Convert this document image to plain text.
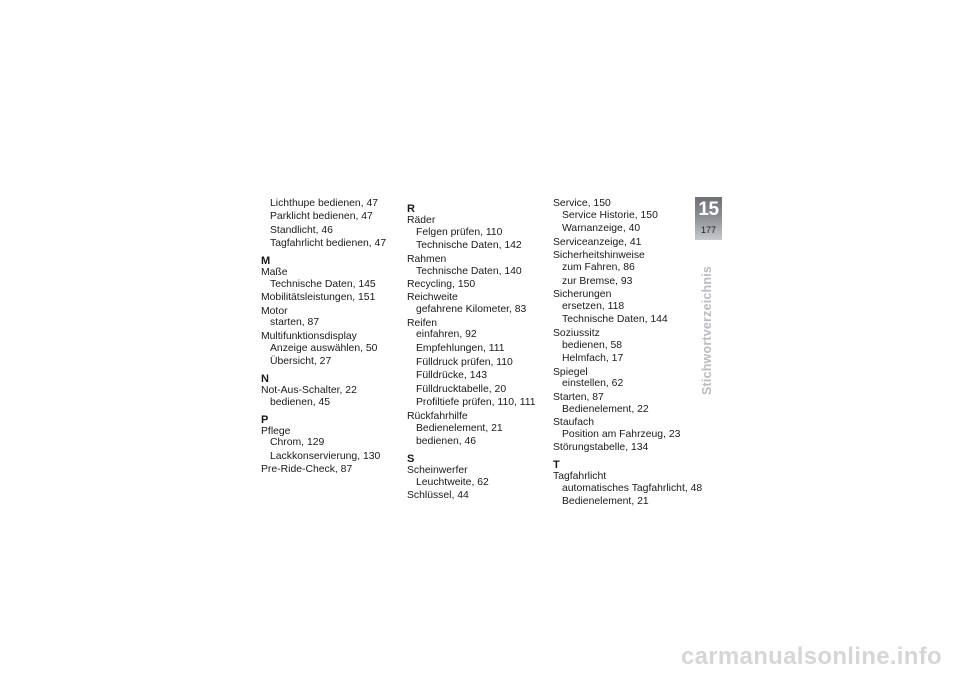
Lichthupe bedienen, 47
Parklicht bedienen, 47
Standlicht, 46
Tagfahrlicht bedienen, 47
M
Maße
Technische Daten, 145
Mobilitätsleistungen, 151
Motor
starten, 87
Multifunktionsdisplay
Anzeige auswählen, 50
Übersicht, 27
N
Not-Aus-Schalter, 22
bedienen, 45
P
Pflege
Chrom, 129
Lackkonservierung, 130
Pre-Ride-Check, 87
R
Räder
Felgen prüfen, 110
Technische Daten, 142
Rahmen
Technische Daten, 140
Recycling, 150
Reichweite
gefahrene Kilometer, 83
Reifen
einfahren, 92
Empfehlungen, 111
Fülldruck prüfen, 110
Fülldrücke, 143
Fülldrucktabelle, 20
Profiltiefe prüfen, 110, 111
Rückfahrhilfe
Bedienelement, 21
bedienen, 46
S
Scheinwerfer
Leuchtweite, 62
Schlüssel, 44
Service, 150
Service Historie, 150
Warnanzeige, 40
Serviceanzeige, 41
Sicherheitshinweise
zum Fahren, 86
zur Bremse, 93
Sicherungen
ersetzen, 118
Technische Daten, 144
Soziussitz
bedienen, 58
Helmfach, 17
Spiegel
einstellen, 62
Starten, 87
Bedienelement, 22
Staufach
Position am Fahrzeug, 23
Störungstabelle, 134
T
Tagfahrlicht
automatisches Tagfahrlicht, 48
Bedienelement, 21
15
177
Stichwortverzeichnis
carmanualsonline.info
